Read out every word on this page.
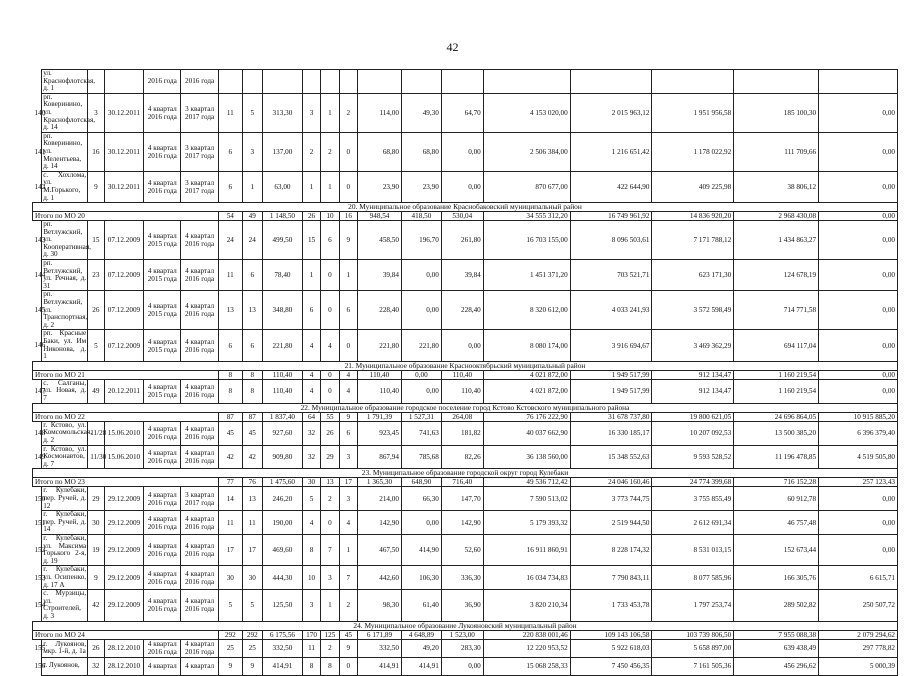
42
	ул. Краснофлотская, д. 1			2016 года	2016 года														
140	рп. Коверинино, ул. Краснофлотская, д. 14	3	30.12.2011	4 квартал 2016 года	3 квартал 2017 года	11	5	313,30	3	1	2	114,00	49,30	64,70	4 153 020,00	2 015 963,12	1 951 956,58	185 100,30	0,00
141	рп. Коверинино, ул. Мелентьева, д. 14	16	30.12.2011	4 квартал 2016 года	3 квартал 2017 года	6	3	137,00	2	2	0	68,80	68,80	0,00	2 506 384,00	1 216 651,42	1 178 022,92	111 709,66	0,00
142	с. Хохлома, ул. М.Горького, д. 1	9	30.12.2011	4 квартал 2016 года	3 квартал 2017 года	6	1	63,00	1	1	0	23,90	23,90	0,00	870 677,00	422 644,90	409 225,98	38 806,12	0,00
20. Муниципальное образование Краснобаковский муниципальный район																			
Итого по МО 20						54	49	1 148,50	26	10	16	948,54	418,50	530,04	34 555 312,20	16 749 961,92	14 836 920,20	2 968 430,08	0,00
143	рп. Ветлужский, ул. Кооперативная, д. 30	15	07.12.2009	4 квартал 2015 года	4 квартал 2016 года	24	24	499,50	15	6	9	458,50	196,70	261,80	16 703 155,00	8 096 503,61	7 171 788,12	1 434 863,27	0,00
144	рп. Ветлужский, ул. Речная, д. 31	23	07.12.2009	4 квартал 2015 года	4 квартал 2016 года	11	6	78,40	1	0	1	39,84	0,00	39,84	1 451 371,20	703 521,71	623 171,30	124 678,19	0,00
145	рп. Ветлужский, ул. Транспортная, д. 2	26	07.12.2009	4 квартал 2015 года	4 квартал 2016 года	13	13	348,80	6	0	6	228,40	0,00	228,40	8 320 612,00	4 033 241,93	3 572 598,49	714 771,58	0,00
146	рп. Красные Баки, ул. Им Никонова, д. 1	5	07.12.2009	4 квартал 2015 года	4 квартал 2016 года	6	6	221,80	4	4	0	221,80	221,80	0,00	8 080 174,00	3 916 694,67	3 469 362,29	694 117,04	0,00
21. Муниципальное образование Краснооктябрьский муниципальный район																			
Итого по МО 21						8	8	110,40	4	0	4	110,40	0,00	110,40	4 021 872,00	1 949 517,99	912 134,47	1 160 219,54	0,00
147	с. Салганы, ул. Новая, д. 7	49	20.12.2011	4 квартал 2015 года	4 квартал 2016 года	8	8	110,40	4	0	4	110,40	0,00	110,40	4 021 872,00	1 949 517,99	912 134,47	1 160 219,54	0,00
22. Муниципальное образование городское поселение город Кстово Кстовского муниципального района																			
Итого по МО 22						87	87	1 837,40	64	55	9	1 791,39	1 527,31	264,08	76 176 222,90	31 678 737,80	19 800 621,05	24 696 864,05	10 915 885,20
148	г. Кстово, ул. Комсомольская, д. 2	11/28	15.06.2010	4 квартал 2016 года	4 квартал 2016 года	45	45	927,60	32	26	6	923,45	741,63	181,82	40 037 662,90	16 330 185,17	10 207 092,53	13 500 385,20	6 396 379,40
149	г. Кстово, ул. Космонавтов, д. 7	11/30	15.06.2010	4 квартал 2016 года	4 квартал 2016 года	42	42	909,80	32	29	3	867,94	785,68	82,26	36 138 560,00	15 348 552,63	9 593 528,52	11 196 478,85	4 519 505,80
23. Муниципальное образование городской округ город Кулебаки																			
Итого по МО 23						77	76	1 475,60	30	13	17	1 365,30	648,90	716,40	49 536 712,42	24 046 160,46	24 774 399,68	716 152,28	257 123,43
150	г. Кулебаки, пер. Ручей, д. 12	29	29.12.2009	4 квартал 2016 года	3 квартал 2017 года	14	13	246,20	5	2	3	214,00	66,30	147,70	7 590 513,02	3 773 744,75	3 755 855,49	60 912,78	0,00
151	г. Кулебаки, пер. Ручей, д. 14	30	29.12.2009	4 квартал 2016 года	4 квартал 2016 года	11	11	190,00	4	0	4	142,90	0,00	142,90	5 179 393,32	2 519 944,50	2 612 691,34	46 757,48	0,00
152	г. Кулебаки, ул. Максима Горького 2-я, д. 19	19	29.12.2009	4 квартал 2016 года	4 квартал 2016 года	17	17	469,60	8	7	1	467,50	414,90	52,60	16 911 860,91	8 228 174,32	8 531 013,15	152 673,44	0,00
153	г. Кулебаки, ул. Осипенко, д. 17 А	9	29.12.2009	4 квартал 2016 года	4 квартал 2016 года	30	30	444,30	10	3	7	442,60	106,30	336,30	16 034 734,83	7 790 843,11	8 077 585,96	166 305,76	6 615,71
154	с. Мурзицы, ул. Строителей, д. 3	42	29.12.2009	4 квартал 2016 года	4 квартал 2016 года	5	5	125,50	3	1	2	98,30	61,40	36,90	3 820 210,34	1 733 453,78	1 797 253,74	289 502,82	250 507,72
24. Муниципальное образование Лукояновский муниципальный район																			
Итого по МО 24						292	292	6 175,56	170	125	45	6 171,89	4 648,89	1 523,00	220 838 001,46	109 143 106,58	103 739 806,50	7 955 088,38	2 079 294,62
155	г. Лукоянов, мкр. 1-й, д. 1а	26	28.12.2010	4 квартал 2016 года	4 квартал 2016 года	25	25	332,50	11	2	9	332,50	49,20	283,30	12 220 953,52	5 922 618,03	5 658 897,00	639 438,49	297 778,82
156	г. Лукоянов,	32	28.12.2010	4 квартал	4 квартал	9	9	414,91	8	8	0	414,91	414,91	0,00	15 068 258,33	7 450 456,35	7 161 505,36	456 296,62	5 000,39
